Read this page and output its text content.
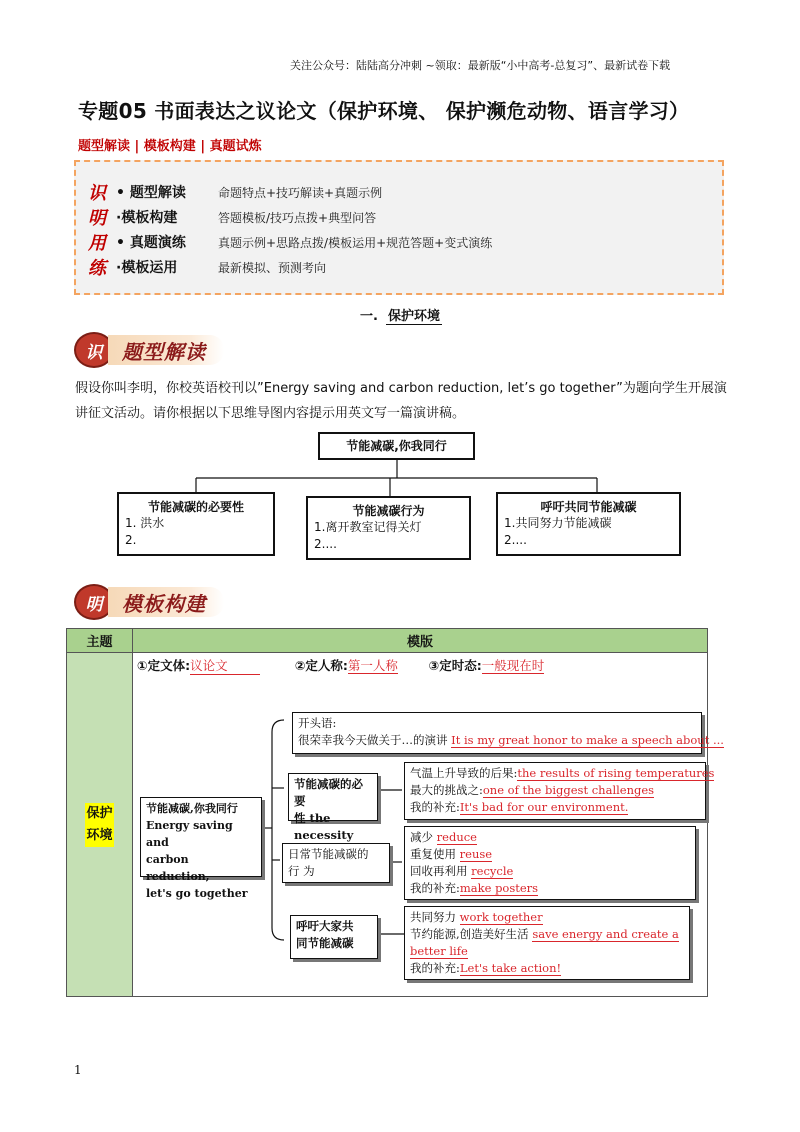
关注公众号：陆陆高分冲刺 ~领取：最新版“小中高考-总复习”、最新试卷下载
专题05 书面表达之议论文（保护环境、 保护濒危动物、语言学习）
题型解读 | 模板构建 | 真题试炼
识 • 题型解读	命题特点+技巧解读+真题示例
明 ·模板构建	答题模板/技巧点拨+典型问答
用 • 真题演练	真题示例+思路点拨/模板运用+规范答题+变式演练
练 ·模板运用	最新模拟、预测考向
一. 保护环境
识 题型解读
假设你叫李明，你校英语校刊以”Energy saving and carbon reduction, let’s go together”为题向学生开展演讲征文活动。请你根据以下思维导图内容提示用英文写一篇演讲稿。
节能减碳,你我同行
节能减碳的必要性
1. 洪水
2.
节能减碳行为
1.离开教室记得关灯
2....
呼吁共同节能减碳
1.共同努力节能减碳
2....
明 模板构建
主题	模版
保护
环境	
①定文体:议论文	②定人称:第一人称 ③定时态:一般现在时
节能减碳,你我同行
Energy saving and
carbon reduction,
let's go together
开头语:
很荣幸我今天做关于…的演讲 It is my great honor to make a speech about ...
节能减碳的必要
性 the necessity
气温上升导致的后果:the results of rising temperatures
最大的挑战之:one of the biggest challenges
我的补充:It's bad for our environment.
日常节能减碳的
行 为
减少 reduce
重复使用 reuse
回收再利用 recycle
我的补充:make posters
呼吁大家共
同节能减碳
共同努力 work together
节约能源,创造美好生活 save energy and create a better life
我的补充:Let's take action!
1
